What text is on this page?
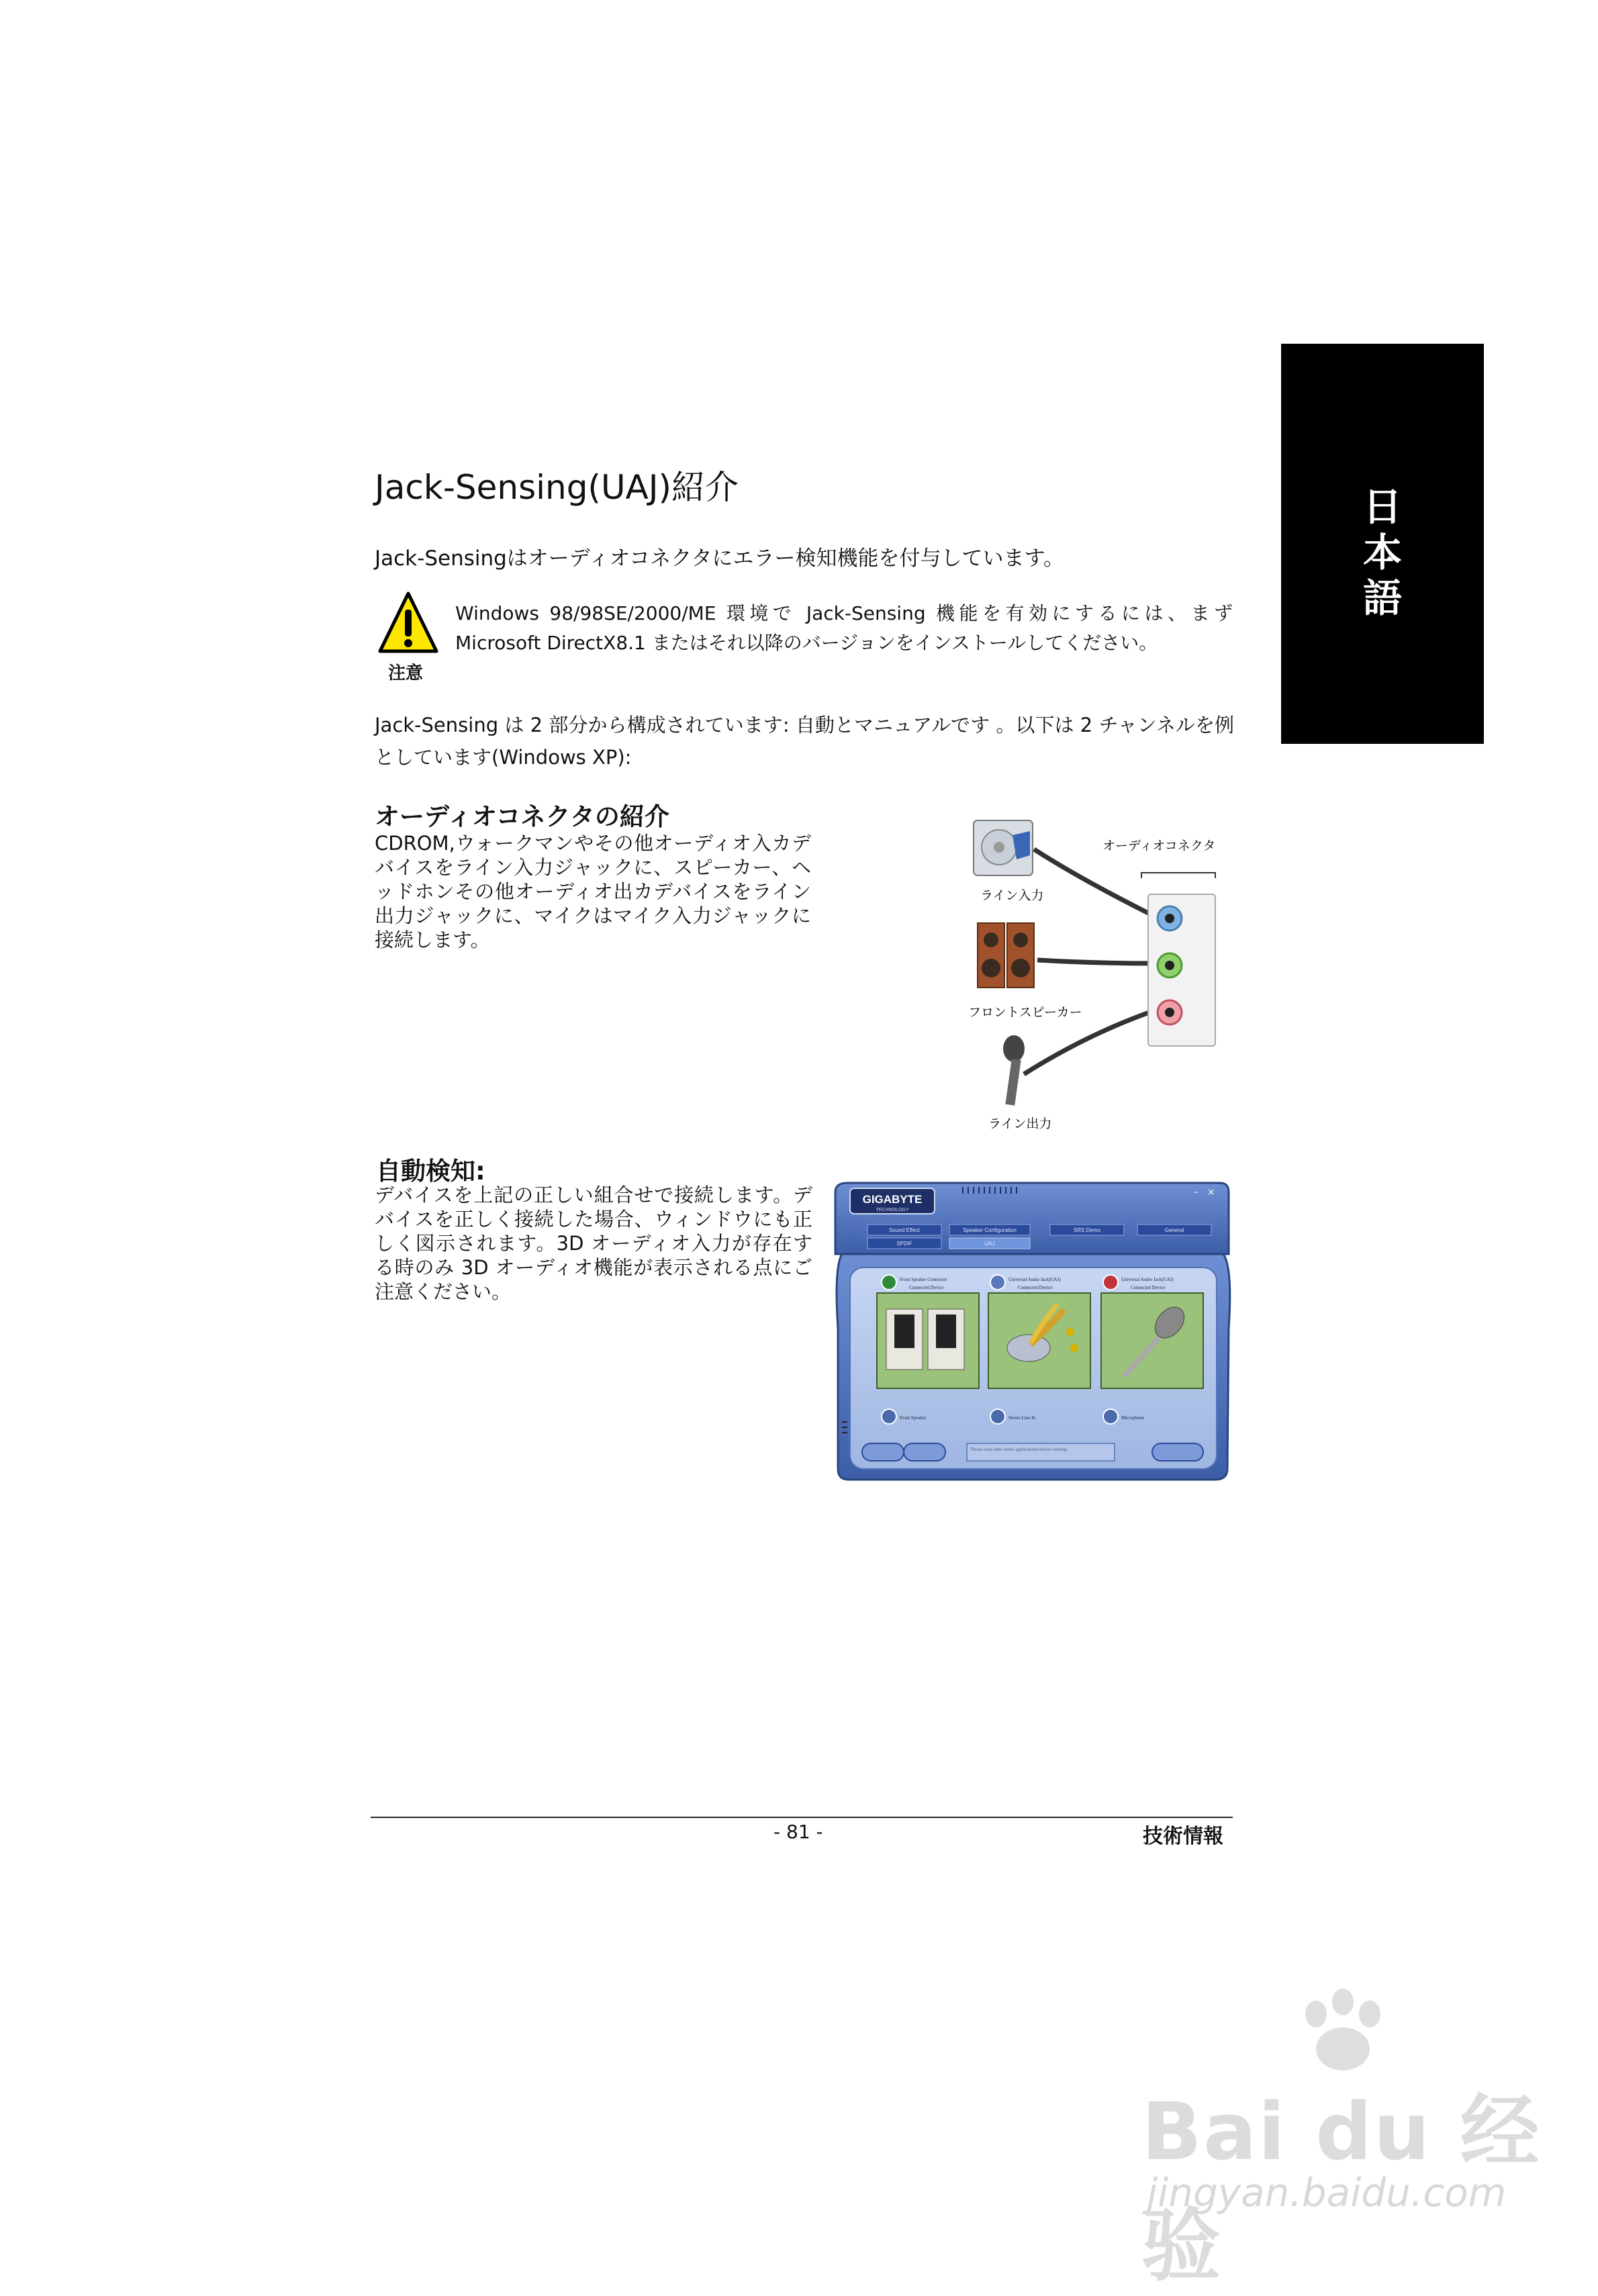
日
本
語
Jack-Sensing(UAJ)紹介
Jack-Sensingはオーディオコネクタにエラー検知機能を付与しています。
注意
Windows 98/98SE/2000/ME 環境で Jack-Sensing 機能を有効にするには、まず Microsoft DirectX8.1 またはそれ以降のバージョンをインストールしてください。
Jack-Sensing は 2 部分から構成されています: 自動とマニュアルです 。以下は 2 チャンネルを例としています(Windows XP):
オーディオコネクタの紹介
CDROM,ウォークマンやその他オーディオ入カデバイスをライン入力ジャックに、スピーカー、ヘッドホンその他オーディオ出カデバイスをライン出力ジャックに、マイクはマイク入力ジャックに接続します。
オーディオコネクタ
ライン入力
フロントスピーカー
ライン出力
自動検知:
デバイスを上記の正しい組合せで接続します。デバイスを正しく接続した場合、ウィンドウにも正しく図示されます。3D オーディオ入力が存在する時のみ 3D オーディオ機能が表示される点にご注意ください。
GIGABYTE
TECHNOLOGY
– ×
Sound Effect	Speaker Configuration	SRS Demo	General
SPDIF	UAJ
Front Speaker Connector
Connected Device
Front Speaker
Universal Audio Jack(UAJ)
Connected Device
Stereo Line In
Universal Audio Jack(UAJ)
Connected Device
Microphone
Please stop other audio applications before starting.
- 81 -	技術情報
Bai du 经验
jingyan.baidu.com
